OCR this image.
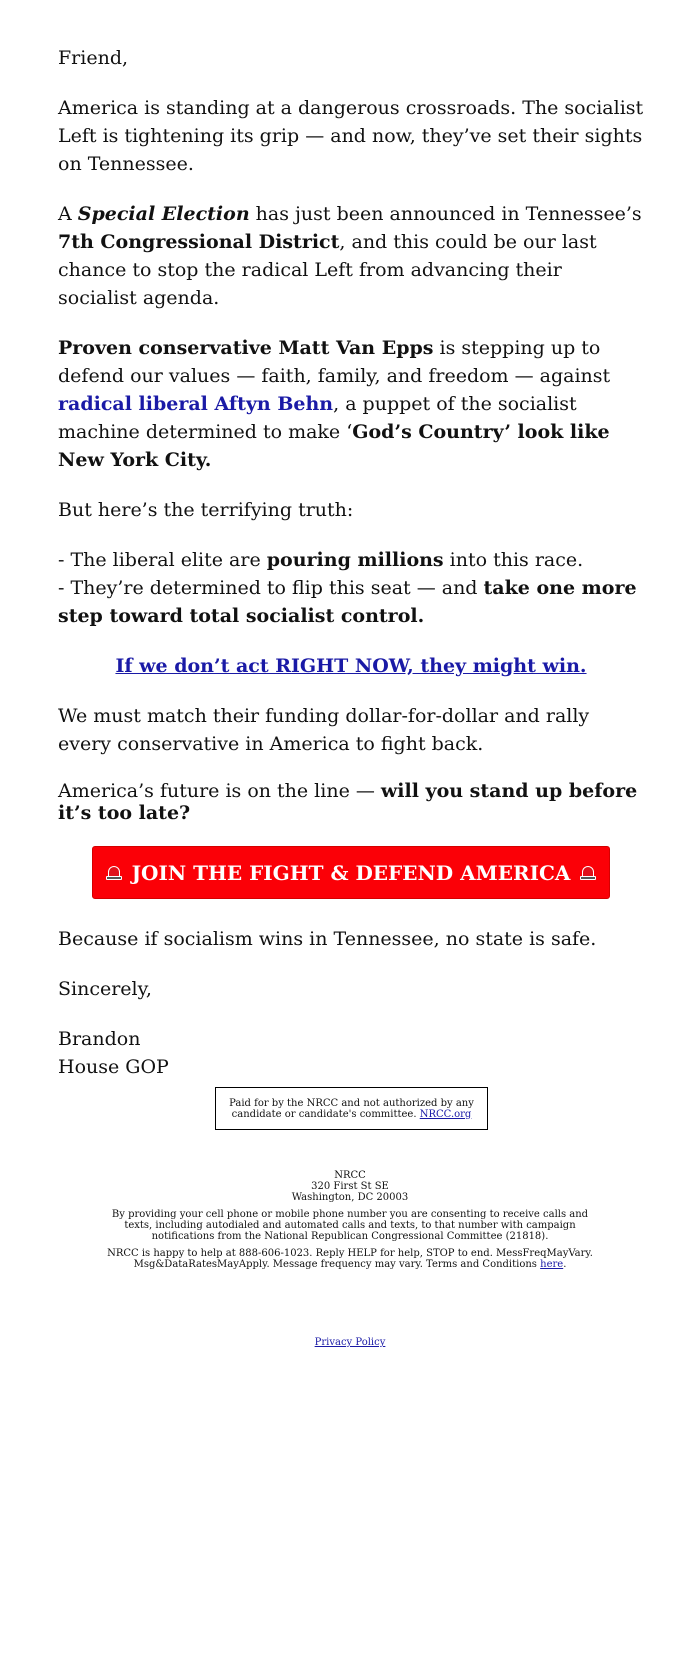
Friend,

America is standing at a dangerous crossroads. The socialist Left is tightening its grip — and now, they’ve set their sights on Tennessee.

A Special Election has just been announced in Tennessee’s 7th Congressional District, and this could be our last chance to stop the radical Left from advancing their socialist agenda.

Proven conservative Matt Van Epps is stepping up to defend our values — faith, family, and freedom — against radical liberal Aftyn Behn, a puppet of the socialist machine determined to make ‘God’s Country’ look like New York City.

But here’s the terrifying truth:

- The liberal elite are pouring millions into this race.
- They’re determined to flip this seat — and take one more step toward total socialist control.

If we don’t act RIGHT NOW, they might win.

We must match their funding dollar-for-dollar and rally every conservative in America to fight back.

America’s future is on the line — will you stand up before it’s too late?

JOIN THE FIGHT & DEFEND AMERICA

Because if socialism wins in Tennessee, no state is safe.

Sincerely,

Brandon
House GOP

Paid for by the NRCC and not authorized by any
candidate or candidate's committee. NRCC.org
NRCC
320 First St SE
Washington, DC 20003
By providing your cell phone or mobile phone number you are consenting to receive calls and texts, including autodialed and automated calls and texts, to that number with campaign notifications from the National Republican Congressional Committee (21818).
NRCC is happy to help at 888-606-1023. Reply HELP for help, STOP to end. MessFreqMayVary. Msg&DataRatesMayApply. Message frequency may vary. Terms and Conditions here.
Privacy Policy
